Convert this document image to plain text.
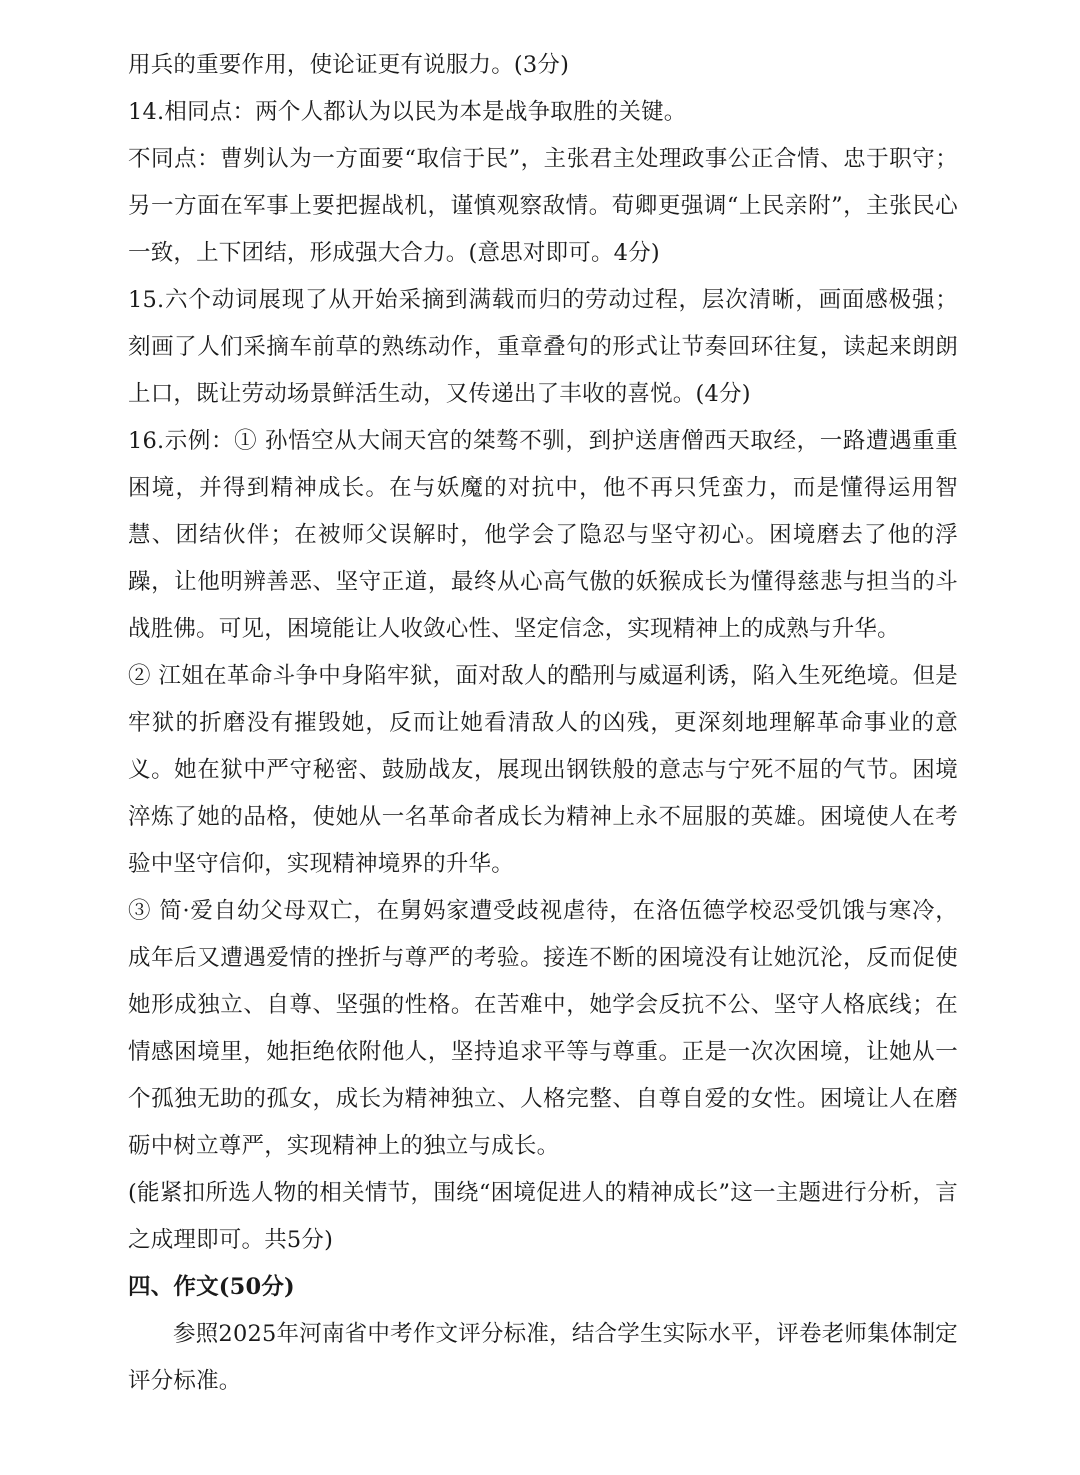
用兵的重要作用，使论证更有说服力。(3分)

14.相同点：两个人都认为以民为本是战争取胜的关键。

不同点：曹刿认为一方面要“取信于民”，主张君主处理政事公正合情、忠于职守；另一方面在军事上要把握战机，谨慎观察敌情。荀卿更强调“上民亲附”，主张民心一致，上下团结，形成强大合力。(意思对即可。4分)

15.六个动词展现了从开始采摘到满载而归的劳动过程，层次清晰，画面感极强；刻画了人们采摘车前草的熟练动作，重章叠句的形式让节奏回环往复，读起来朗朗上口，既让劳动场景鲜活生动，又传递出了丰收的喜悦。(4分)

16.示例：① 孙悟空从大闹天宫的桀骜不驯，到护送唐僧西天取经，一路遭遇重重困境，并得到精神成长。在与妖魔的对抗中，他不再只凭蛮力，而是懂得运用智慧、团结伙伴；在被师父误解时，他学会了隐忍与坚守初心。困境磨去了他的浮躁，让他明辨善恶、坚守正道，最终从心高气傲的妖猴成长为懂得慈悲与担当的斗战胜佛。可见，困境能让人收敛心性、坚定信念，实现精神上的成熟与升华。

② 江姐在革命斗争中身陷牢狱，面对敌人的酷刑与威逼利诱，陷入生死绝境。但是牢狱的折磨没有摧毁她，反而让她看清敌人的凶残，更深刻地理解革命事业的意义。她在狱中严守秘密、鼓励战友，展现出钢铁般的意志与宁死不屈的气节。困境淬炼了她的品格，使她从一名革命者成长为精神上永不屈服的英雄。困境使人在考验中坚守信仰，实现精神境界的升华。

③ 简·爱自幼父母双亡，在舅妈家遭受歧视虐待，在洛伍德学校忍受饥饿与寒冷，成年后又遭遇爱情的挫折与尊严的考验。接连不断的困境没有让她沉沦，反而促使她形成独立、自尊、坚强的性格。在苦难中，她学会反抗不公、坚守人格底线；在情感困境里，她拒绝依附他人，坚持追求平等与尊重。正是一次次困境，让她从一个孤独无助的孤女，成长为精神独立、人格完整、自尊自爱的女性。困境让人在磨砺中树立尊严，实现精神上的独立与成长。

(能紧扣所选人物的相关情节，围绕“困境促进人的精神成长”这一主题进行分析，言之成理即可。共5分)

四、作文(50分)

参照2025年河南省中考作文评分标准，结合学生实际水平，评卷老师集体制定评分标准。
